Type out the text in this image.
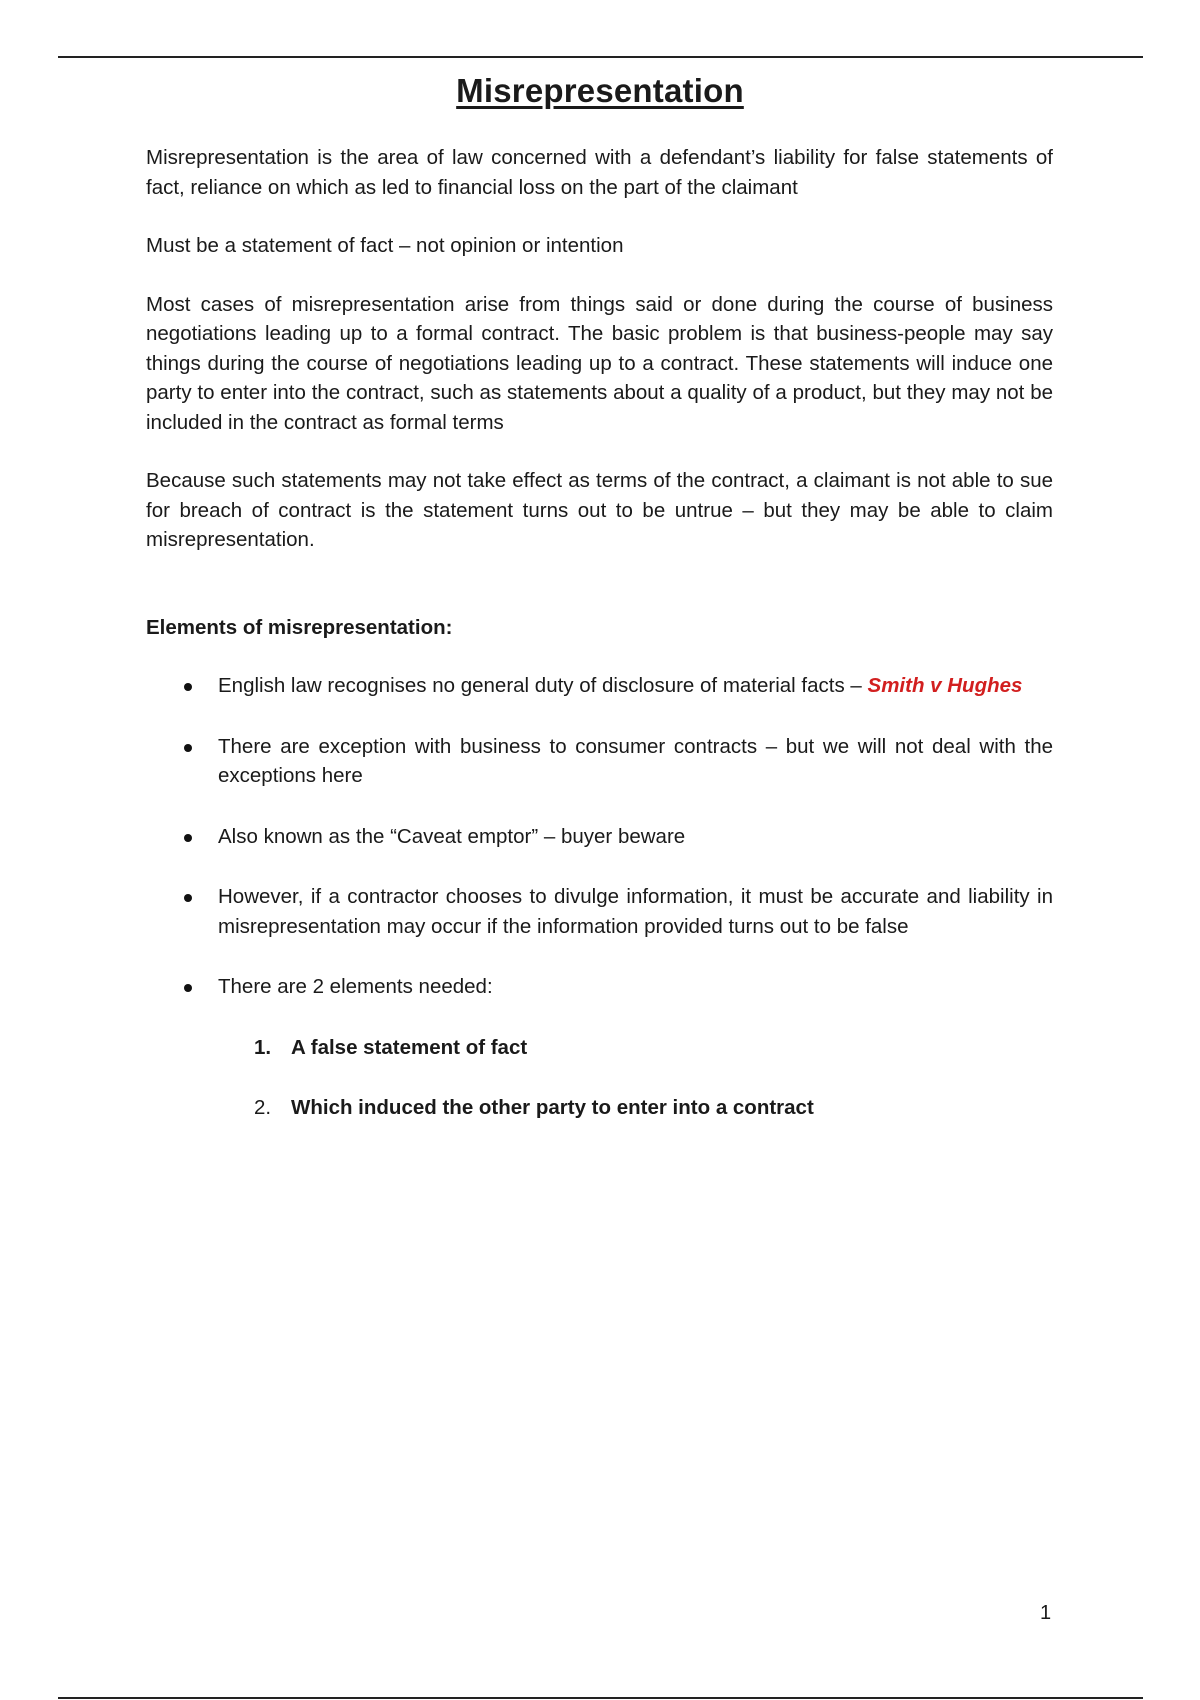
Misrepresentation

Misrepresentation is the area of law concerned with a defendant’s liability for false statements of fact, reliance on which as led to financial loss on the part of the claimant

Must be a statement of fact – not opinion or intention

Most cases of misrepresentation arise from things said or done during the course of business negotiations leading up to a formal contract. The basic problem is that business-people may say things during the course of negotiations leading up to a contract. These statements will induce one party to enter into the contract, such as statements about a quality of a product, but they may not be included in the contract as formal terms

Because such statements may not take effect as terms of the contract, a claimant is not able to sue for breach of contract is the statement turns out to be untrue – but they may be able to claim misrepresentation.

Elements of misrepresentation:

English law recognises no general duty of disclosure of material facts – Smith v Hughes
There are exception with business to consumer contracts – but we will not deal with the exceptions here
Also known as the “Caveat emptor” – buyer beware
However, if a contractor chooses to divulge information, it must be accurate and liability in misrepresentation may occur if the information provided turns out to be false
There are 2 elements needed:
1. A false statement of fact
2. Which induced the other party to enter into a contract
1
